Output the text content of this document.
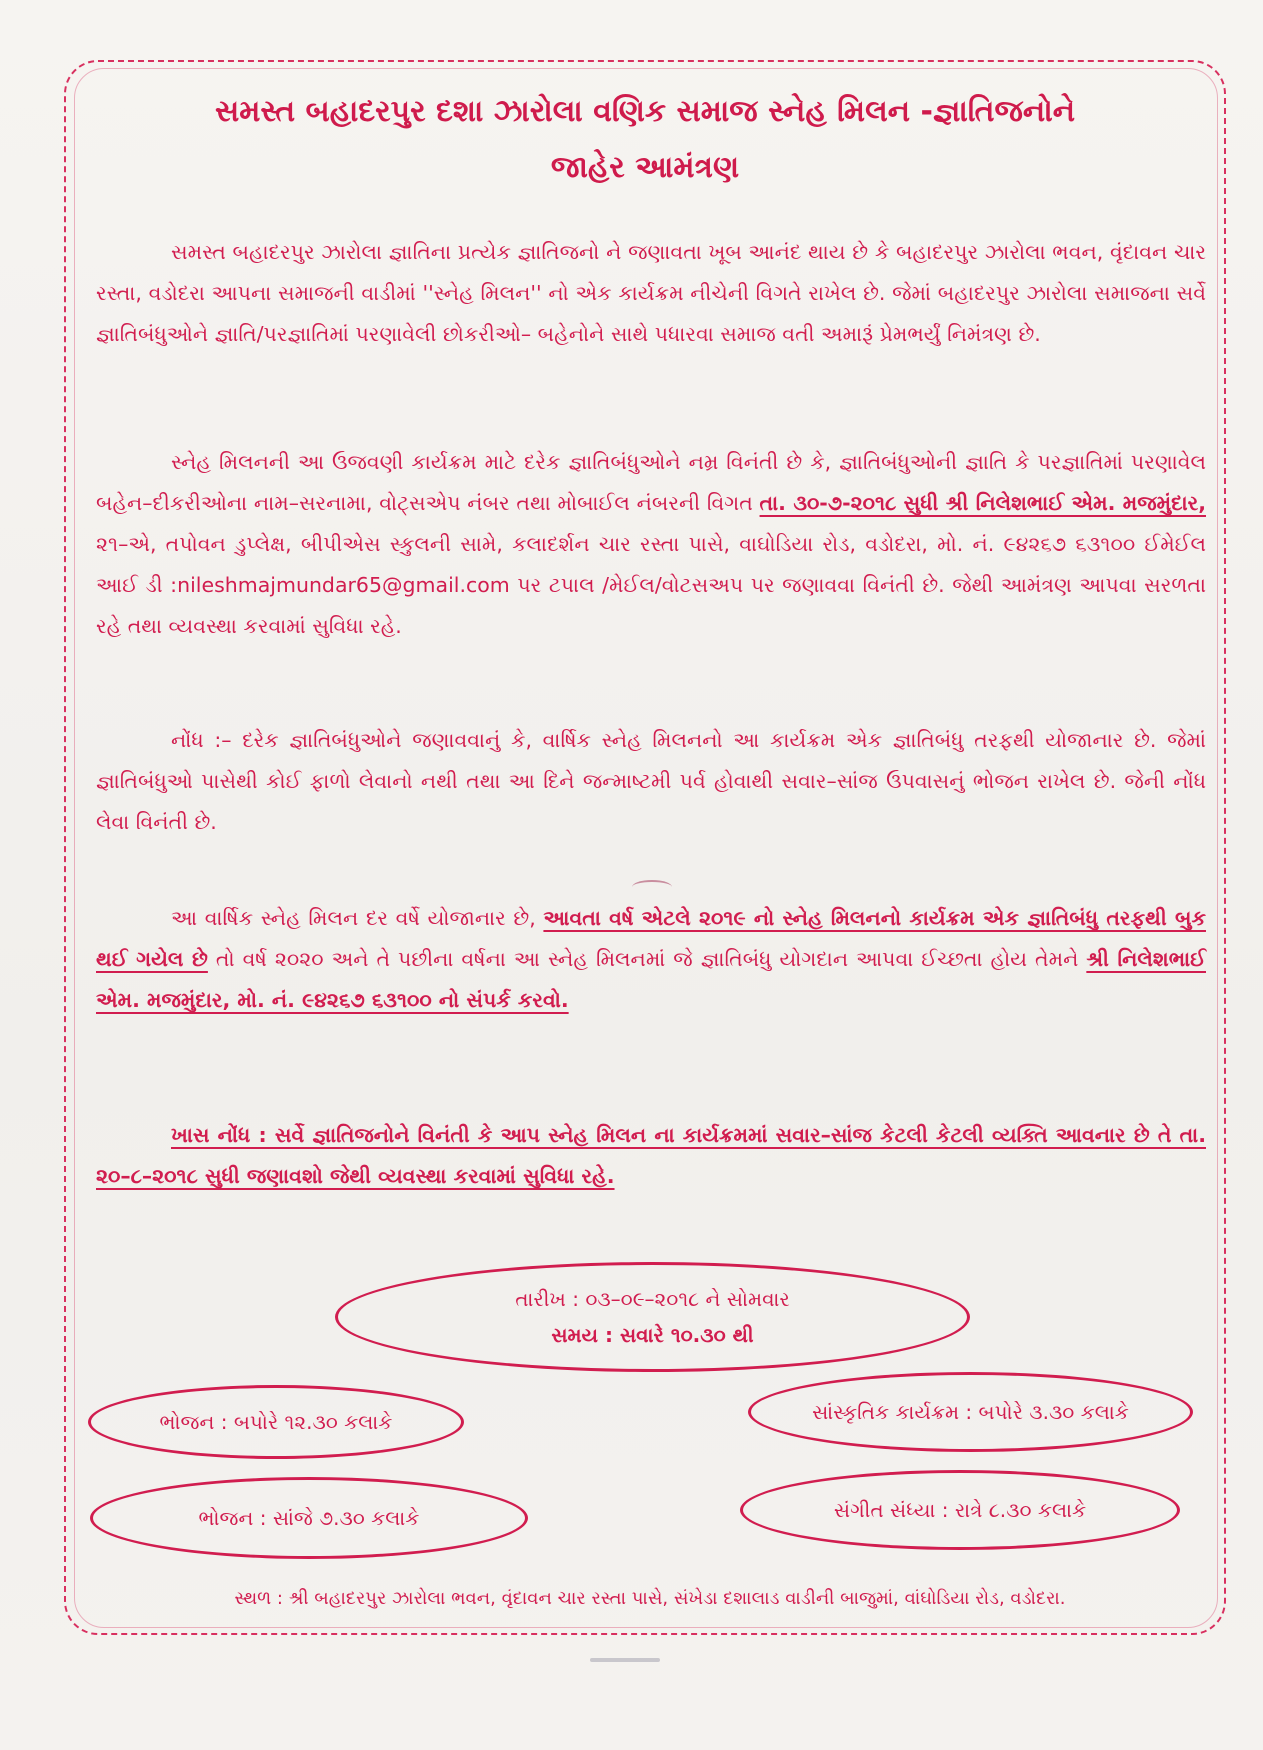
સમસ્ત બહાદરપુર દશા ઝારોલા વણિક સમાજ સ્નેહ મિલન -જ્ઞાતિજનોને
જાહેર આમંત્રણ
સમસ્ત બહાદરપુર ઝારોલા જ્ઞાતિના પ્રત્યેક જ્ઞાતિજનો ને જણાવતા ખૂબ આનંદ થાય છે કે બહાદરપુર ઝારોલા ભવન, વૃંદાવન ચાર રસ્તા, વડોદરા આપના સમાજની વાડીમાં ''સ્નેહ મિલન'' નો એક કાર્યક્રમ નીચેની વિગતે રાખેલ છે. જેમાં બહાદરપુર ઝારોલા સમાજના સર્વે જ્ઞાતિબંધુઓને જ્ઞાતિ/પરજ્ઞાતિમાં પરણાવેલી છોકરીઓ– બહેનોને સાથે પધારવા સમાજ વતી અમારૂં પ્રેમભર્યું નિમંત્રણ છે.
સ્નેહ મિલનની આ ઉજવણી કાર્યક્રમ માટે દરેક જ્ઞાતિબંધુઓને નમ્ર વિનંતી છે કે, જ્ઞાતિબંધુઓની જ્ઞાતિ કે પરજ્ઞાતિમાં પરણાવેલ બહેન–દીકરીઓના નામ–સરનામા, વોટ્સએપ નંબર તથા મોબાઈલ નંબરની વિગત તા. ૩૦-૭-૨૦૧૮ સુધી શ્રી નિલેશભાઈ એમ. મજમુંદાર, ૨૧–એ, તપોવન ડુપ્લેક્ષ, બીપીએસ સ્કુલની સામે, કલાદર્શન ચાર રસ્તા પાસે, વાઘોડિયા રોડ, વડોદરા, મો. નં. ૯૪૨૬૭ ૬૩૧૦૦ ઈમેઈલ આઈ ડી :nileshmajmundar65@gmail.com પર ટપાલ /મેઈલ/વોટસઅપ પર જણાવવા વિનંતી છે. જેથી આમંત્રણ આપવા સરળતા રહે તથા વ્યવસ્થા કરવામાં સુવિધા રહે.
નોંધ :– દરેક જ્ઞાતિબંધુઓને જણાવવાનું કે, વાર્ષિક સ્નેહ મિલનનો આ કાર્યક્રમ એક જ્ઞાતિબંધુ તરફથી યોજાનાર છે. જેમાં જ્ઞાતિબંધુઓ પાસેથી કોઈ ફાળો લેવાનો નથી તથા આ દિને જન્માષ્ટમી પર્વ હોવાથી સવાર–સાંજ ઉપવાસનું ભોજન રાખેલ છે. જેની નોંધ લેવા વિનંતી છે.
આ વાર્ષિક સ્નેહ મિલન દર વર્ષે યોજાનાર છે, આવતા વર્ષ એટલે ૨૦૧૯ નો સ્નેહ મિલનનો કાર્યક્રમ એક જ્ઞાતિબંધુ તરફથી બુક થઈ ગયેલ છે તો વર્ષ ૨૦૨૦ અને તે પછીના વર્ષના આ સ્નેહ મિલનમાં જે જ્ઞાતિબંધુ યોગદાન આપવા ઈચ્છતા હોય તેમને શ્રી નિલેશભાઈ એમ. મજમુંદાર, મો. નં. ૯૪૨૬૭ ૬૩૧૦૦ નો સંપર્ક કરવો.
ખાસ નોંધ : સર્વે જ્ઞાતિજનોને વિનંતી કે આપ સ્નેહ મિલન ના કાર્યક્રમમાં સવાર–સાંજ કેટલી કેટલી વ્યક્તિ આવનાર છે તે તા. ૨૦–૮–૨૦૧૮ સુધી જણાવશો જેથી વ્યવસ્થા કરવામાં સુવિધા રહે.
તારીખ : ૦૩–૦૯–૨૦૧૮ ને સોમવાર
સમય : સવારે ૧૦.૩૦ થી
ભોજન : બપોરે ૧૨.૩૦ કલાકે	સાંસ્કૃતિક કાર્યક્રમ : બપોરે ૩.૩૦ કલાકે
ભોજન : સાંજે ૭.૩૦ કલાકે	સંગીત સંધ્યા : રાત્રે ૮.૩૦ કલાકે
સ્થળ : શ્રી બહાદરપુર ઝારોલા ભવન, વૃંદાવન ચાર રસ્તા પાસે, સંખેડા દશાલાડ વાડીની બાજુમાં, વાંઘોડિયા રોડ, વડોદરા.
